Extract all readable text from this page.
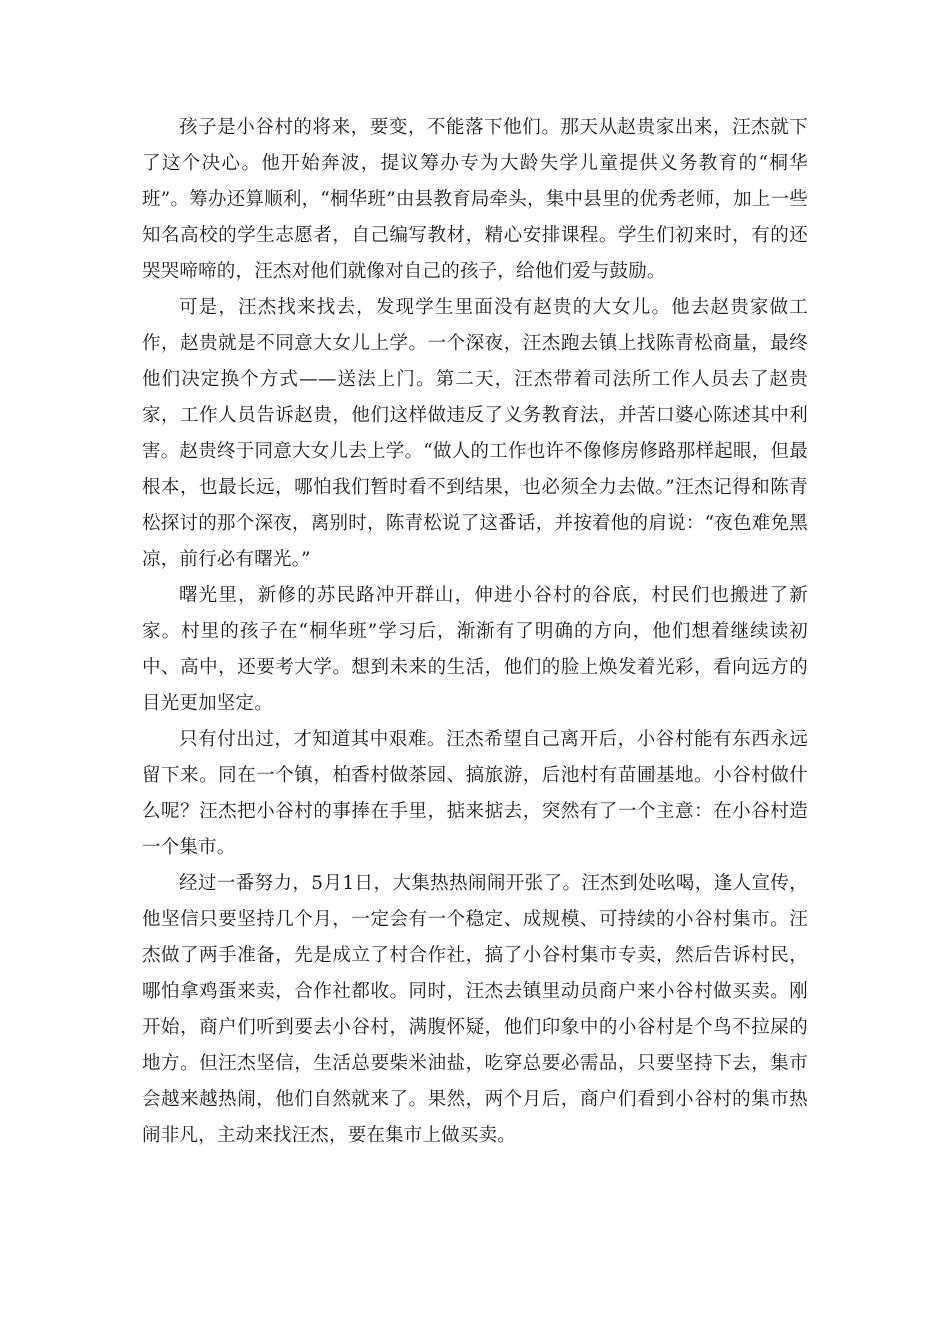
孩子是小谷村的将来，要变，不能落下他们。那天从赵贵家出来，汪杰就下了这个决心。他开始奔波，提议筹办专为大龄失学儿童提供义务教育的“桐华班”。筹办还算顺利，“桐华班”由县教育局牵头，集中县里的优秀老师，加上一些知名高校的学生志愿者，自己编写教材，精心安排课程。学生们初来时，有的还哭哭啼啼的，汪杰对他们就像对自己的孩子，给他们爱与鼓励。

可是，汪杰找来找去，发现学生里面没有赵贵的大女儿。他去赵贵家做工作，赵贵就是不同意大女儿上学。一个深夜，汪杰跑去镇上找陈青松商量，最终他们决定换个方式——送法上门。第二天，汪杰带着司法所工作人员去了赵贵家，工作人员告诉赵贵，他们这样做违反了义务教育法，并苦口婆心陈述其中利害。赵贵终于同意大女儿去上学。“做人的工作也许不像修房修路那样起眼，但最根本，也最长远，哪怕我们暂时看不到结果，也必须全力去做。”汪杰记得和陈青松探讨的那个深夜，离别时，陈青松说了这番话，并按着他的肩说：“夜色难免黑凉，前行必有曙光。”

曙光里，新修的苏民路冲开群山，伸进小谷村的谷底，村民们也搬进了新家。村里的孩子在“桐华班”学习后，渐渐有了明确的方向，他们想着继续读初中、高中，还要考大学。想到未来的生活，他们的脸上焕发着光彩，看向远方的目光更加坚定。

只有付出过，才知道其中艰难。汪杰希望自己离开后，小谷村能有东西永远留下来。同在一个镇，柏香村做茶园、搞旅游，后池村有苗圃基地。小谷村做什么呢？汪杰把小谷村的事捧在手里，掂来掂去，突然有了一个主意：在小谷村造一个集市。

经过一番努力，5月1日，大集热热闹闹开张了。汪杰到处吆喝，逢人宣传，他坚信只要坚持几个月，一定会有一个稳定、成规模、可持续的小谷村集市。汪杰做了两手准备，先是成立了村合作社，搞了小谷村集市专卖，然后告诉村民，哪怕拿鸡蛋来卖，合作社都收。同时，汪杰去镇里动员商户来小谷村做买卖。刚开始，商户们听到要去小谷村，满腹怀疑，他们印象中的小谷村是个鸟不拉屎的地方。但汪杰坚信，生活总要柴米油盐，吃穿总要必需品，只要坚持下去，集市会越来越热闹，他们自然就来了。果然，两个月后，商户们看到小谷村的集市热闹非凡，主动来找汪杰，要在集市上做买卖。
